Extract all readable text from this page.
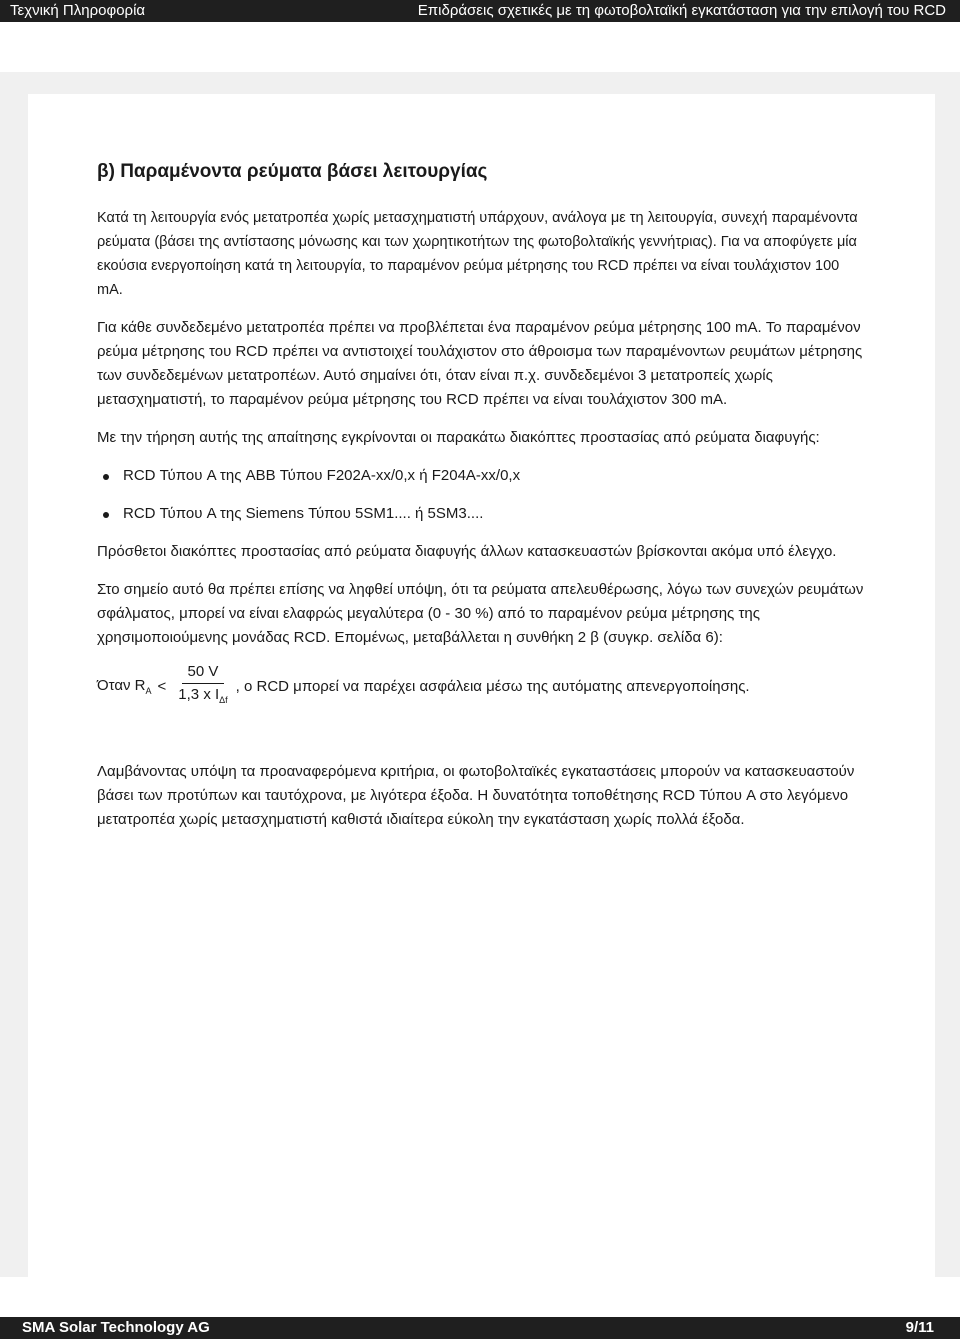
Τεχνική Πληροφορία	Επιδράσεις σχετικές με τη φωτοβολταϊκή εγκατάσταση για την επιλογή του RCD
β) Παραμένοντα ρεύματα βάσει λειτουργίας

Κατά τη λειτουργία ενός μετατροπέα χωρίς μετασχηματιστή υπάρχουν, ανάλογα με τη λειτουργία, συνεχή παραμένοντα ρεύματα (βάσει της αντίστασης μόνωσης και των χωρητικοτήτων της φωτοβολταϊκής γεννήτριας). Για να αποφύγετε μία εκούσια ενεργοποίηση κατά τη λειτουργία, το παραμένον ρεύμα μέτρησης του RCD πρέπει να είναι τουλάχιστον 100 mA.

Για κάθε συνδεδεμένο μετατροπέα πρέπει να προβλέπεται ένα παραμένον ρεύμα μέτρησης 100 mA. Το παραμένον ρεύμα μέτρησης του RCD πρέπει να αντιστοιχεί τουλάχιστον στο άθροισμα των παραμένοντων ρευμάτων μέτρησης των συνδεδεμένων μετατροπέων. Αυτό σημαίνει ότι, όταν είναι π.χ. συνδεδεμένοι 3 μετατροπείς χωρίς μετασχηματιστή, το παραμένον ρεύμα μέτρησης του RCD πρέπει να είναι τουλάχιστον 300 mA.

Με την τήρηση αυτής της απαίτησης εγκρίνονται οι παρακάτω διακόπτες προστασίας από ρεύματα διαφυγής:

RCD Τύπου A της ABB Τύπου F202A-xx/0,x ή F204A-xx/0,x
RCD Τύπου A της Siemens Τύπου 5SM1.... ή 5SM3....

Πρόσθετοι διακόπτες προστασίας από ρεύματα διαφυγής άλλων κατασκευαστών βρίσκονται ακόμα υπό έλεγχο.

Στο σημείο αυτό θα πρέπει επίσης να ληφθεί υπόψη, ότι τα ρεύματα απελευθέρωσης, λόγω των συνεχών ρευμάτων σφάλματος, μπορεί να είναι ελαφρώς μεγαλύτερα (0 - 30 %) από το παραμένον ρεύμα μέτρησης της χρησιμοποιούμενης μονάδας RCD. Επομένως, μεταβάλλεται η συνθήκη 2 β (συγκρ. σελίδα 6):

Όταν $R_A < \frac{50 V}{1,3 x I_{\Delta f}}$ , ο RCD μπορεί να παρέχει ασφάλεια μέσω της αυτόματης απενεργοποίησης.

Λαμβάνοντας υπόψη τα προαναφερόμενα κριτήρια, οι φωτοβολταϊκές εγκαταστάσεις μπορούν να κατασκευαστούν βάσει των προτύπων και ταυτόχρονα, με λιγότερα έξοδα. Η δυνατότητα τοποθέτησης RCD Τύπου A στο λεγόμενο μετατροπέα χωρίς μετασχηματιστή καθιστά ιδιαίτερα εύκολη την εγκατάσταση χωρίς πολλά έξοδα.

SMA Solar Technology AG	9/11
